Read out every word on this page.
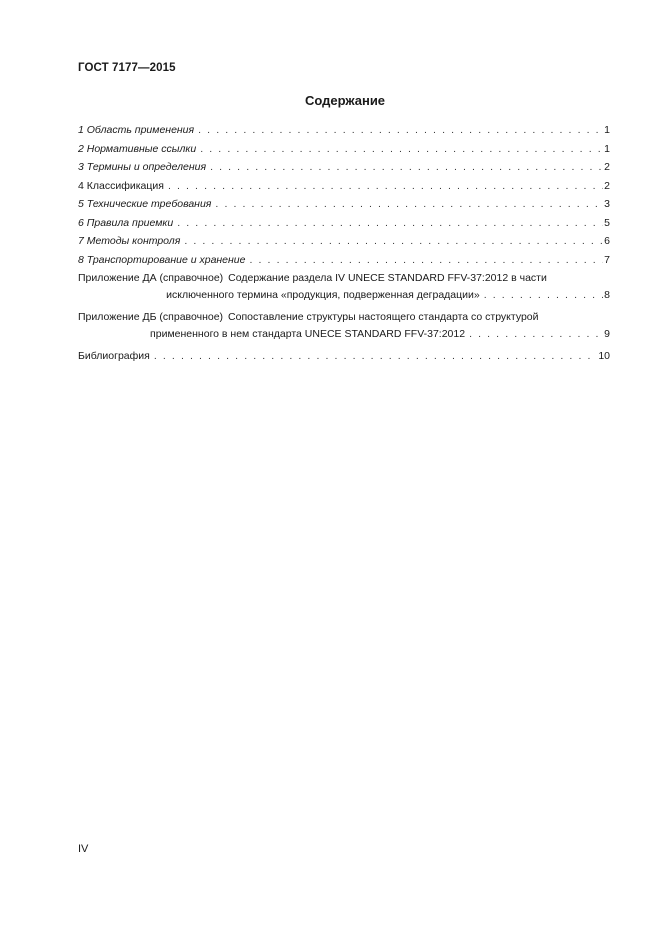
ГОСТ 7177—2015
Содержание
1 Область применения . . .	1
2 Нормативные ссылки . . .	1
3 Термины и определения . . .	2
4 Классификация . . .	2
5 Технические требования . . .	3
6 Правила приемки . . .	5
7 Методы контроля . . .	6
8 Транспортирование и хранение . . .	7
Приложение ДА (справочное) Содержание раздела IV UNECE STANDARD FFV-37:2012 в части
исключенного термина «продукция, подверженная деградации» . . .	8
Приложение ДБ (справочное) Сопоставление структуры настоящего стандарта со структурой
примененного в нем стандарта UNECE STANDARD FFV-37:2012 . . .	9
Библиография . . .	10
IV
